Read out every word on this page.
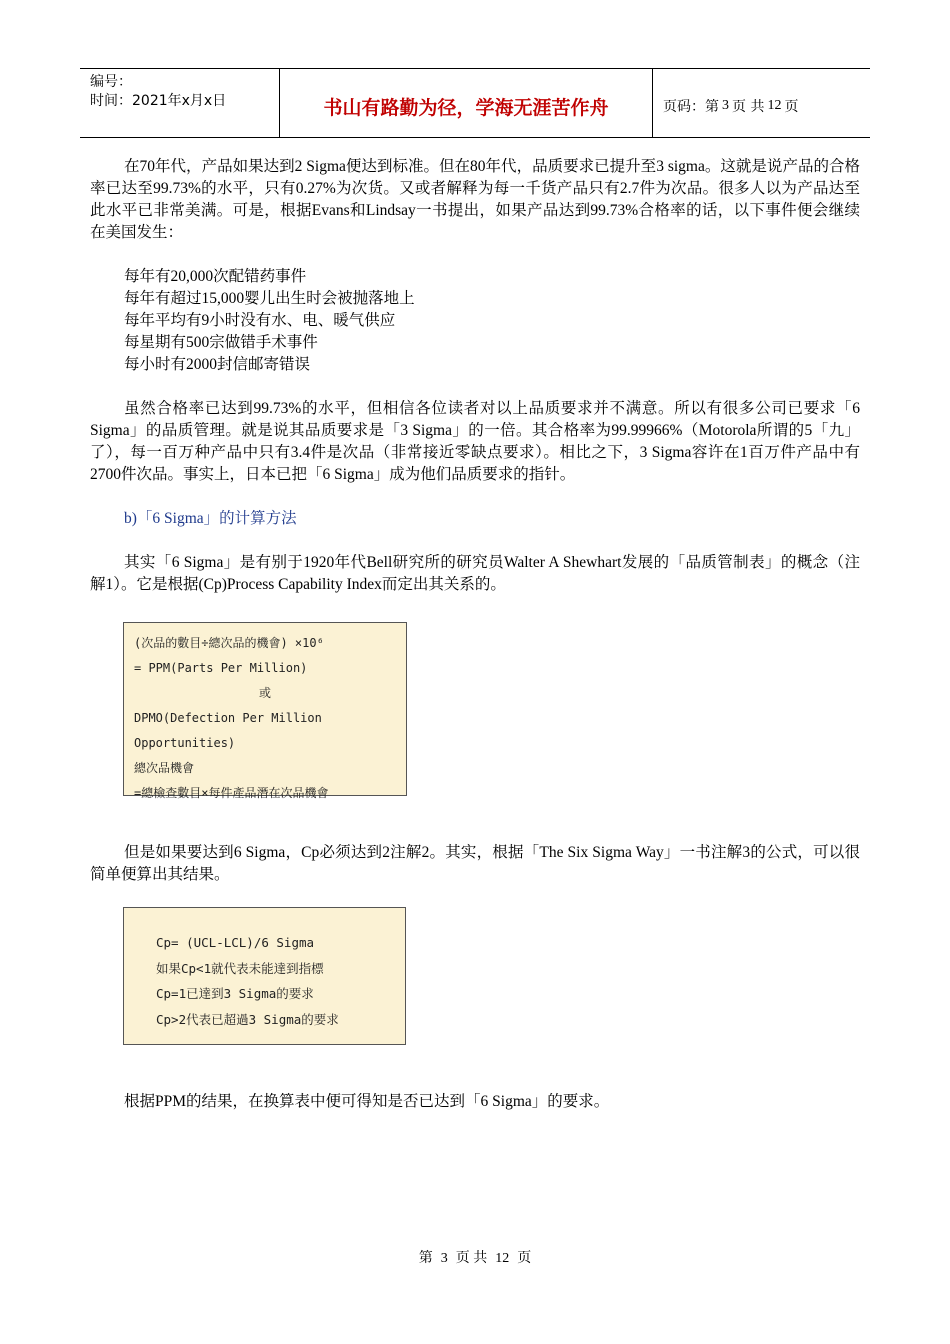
编号：
时间：2021年x月x日	书山有路勤为径，学海无涯苦作舟	页码：第 3 页 共 12 页

在70年代，产品如果达到2 Sigma便达到标准。但在80年代，品质要求已提升至3 sigma。这就是说产品的合格率已达至99.73%的水平，只有0.27%为次货。又或者解释为每一千货产品只有2.7件为次品。很多人以为产品达至此水平已非常美满。可是，根据Evans和Lindsay一书提出，如果产品达到99.73%合格率的话，以下事件便会继续在美国发生：

每年有20,000次配错药事件
每年有超过15,000婴儿出生时会被抛落地上
每年平均有9小时没有水、电、暖气供应
每星期有500宗做错手术事件
每小时有2000封信邮寄错误

虽然合格率已达到99.73%的水平，但相信各位读者对以上品质要求并不满意。所以有很多公司已要求「6 Sigma」的品质管理。就是说其品质要求是「3 Sigma」的一倍。其合格率为99.99966%（Motorola所谓的5「九」了），每一百万种产品中只有3.4件是次品（非常接近零缺点要求）。相比之下，3 Sigma容许在1百万件产品中有2700件次品。事实上，日本已把「6 Sigma」成为他们品质要求的指针。

b)「6 Sigma」的计算方法

其实「6 Sigma」是有别于1920年代Bell研究所的研究员Walter A Shewhart发展的「品质管制表」的概念（注解1）。它是根据(Cp)Process Capability Index而定出其关系的。

(次品的數目÷總次品的機會) ×10⁶
= PPM(Parts Per Million)
或
DPMO(Defection Per Million Opportunities)
總次品機會
=總檢查數目×每件產品潛在次品機會

但是如果要达到6 Sigma，Cp必须达到2注解2。其实，根据「The Six Sigma Way」一书注解3的公式，可以很简单便算出其结果。

Cp= (UCL-LCL)/6 Sigma
如果Cp<1就代表未能達到指標
Cp=1已達到3 Sigma的要求
Cp>2代表已超過3 Sigma的要求

根据PPM的结果，在换算表中便可得知是否已达到「6 Sigma」的要求。

第 3 页 共 12 页
